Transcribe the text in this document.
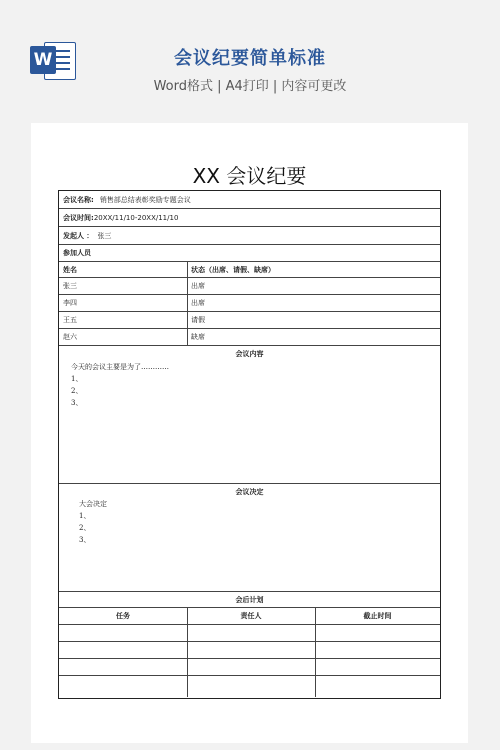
W	会议纪要简单标准
Word格式 | A4打印 | 内容可更改
XX 会议纪要
会议名称: 销售部总结表彰奖励专题会议
会议时间: 20XX/11/10-20XX/11/10
发起人 ： 张三
参加人员
姓名	状态（出席、请假、缺席）
张三	出席
李四	出席
王五	请假
赵六	缺席
会议内容
今天的会议主要是为了…………
1、
2、
3、
会议决定
大会决定
1、
2、
3、
会后计划
任务	责任人	截止时间
